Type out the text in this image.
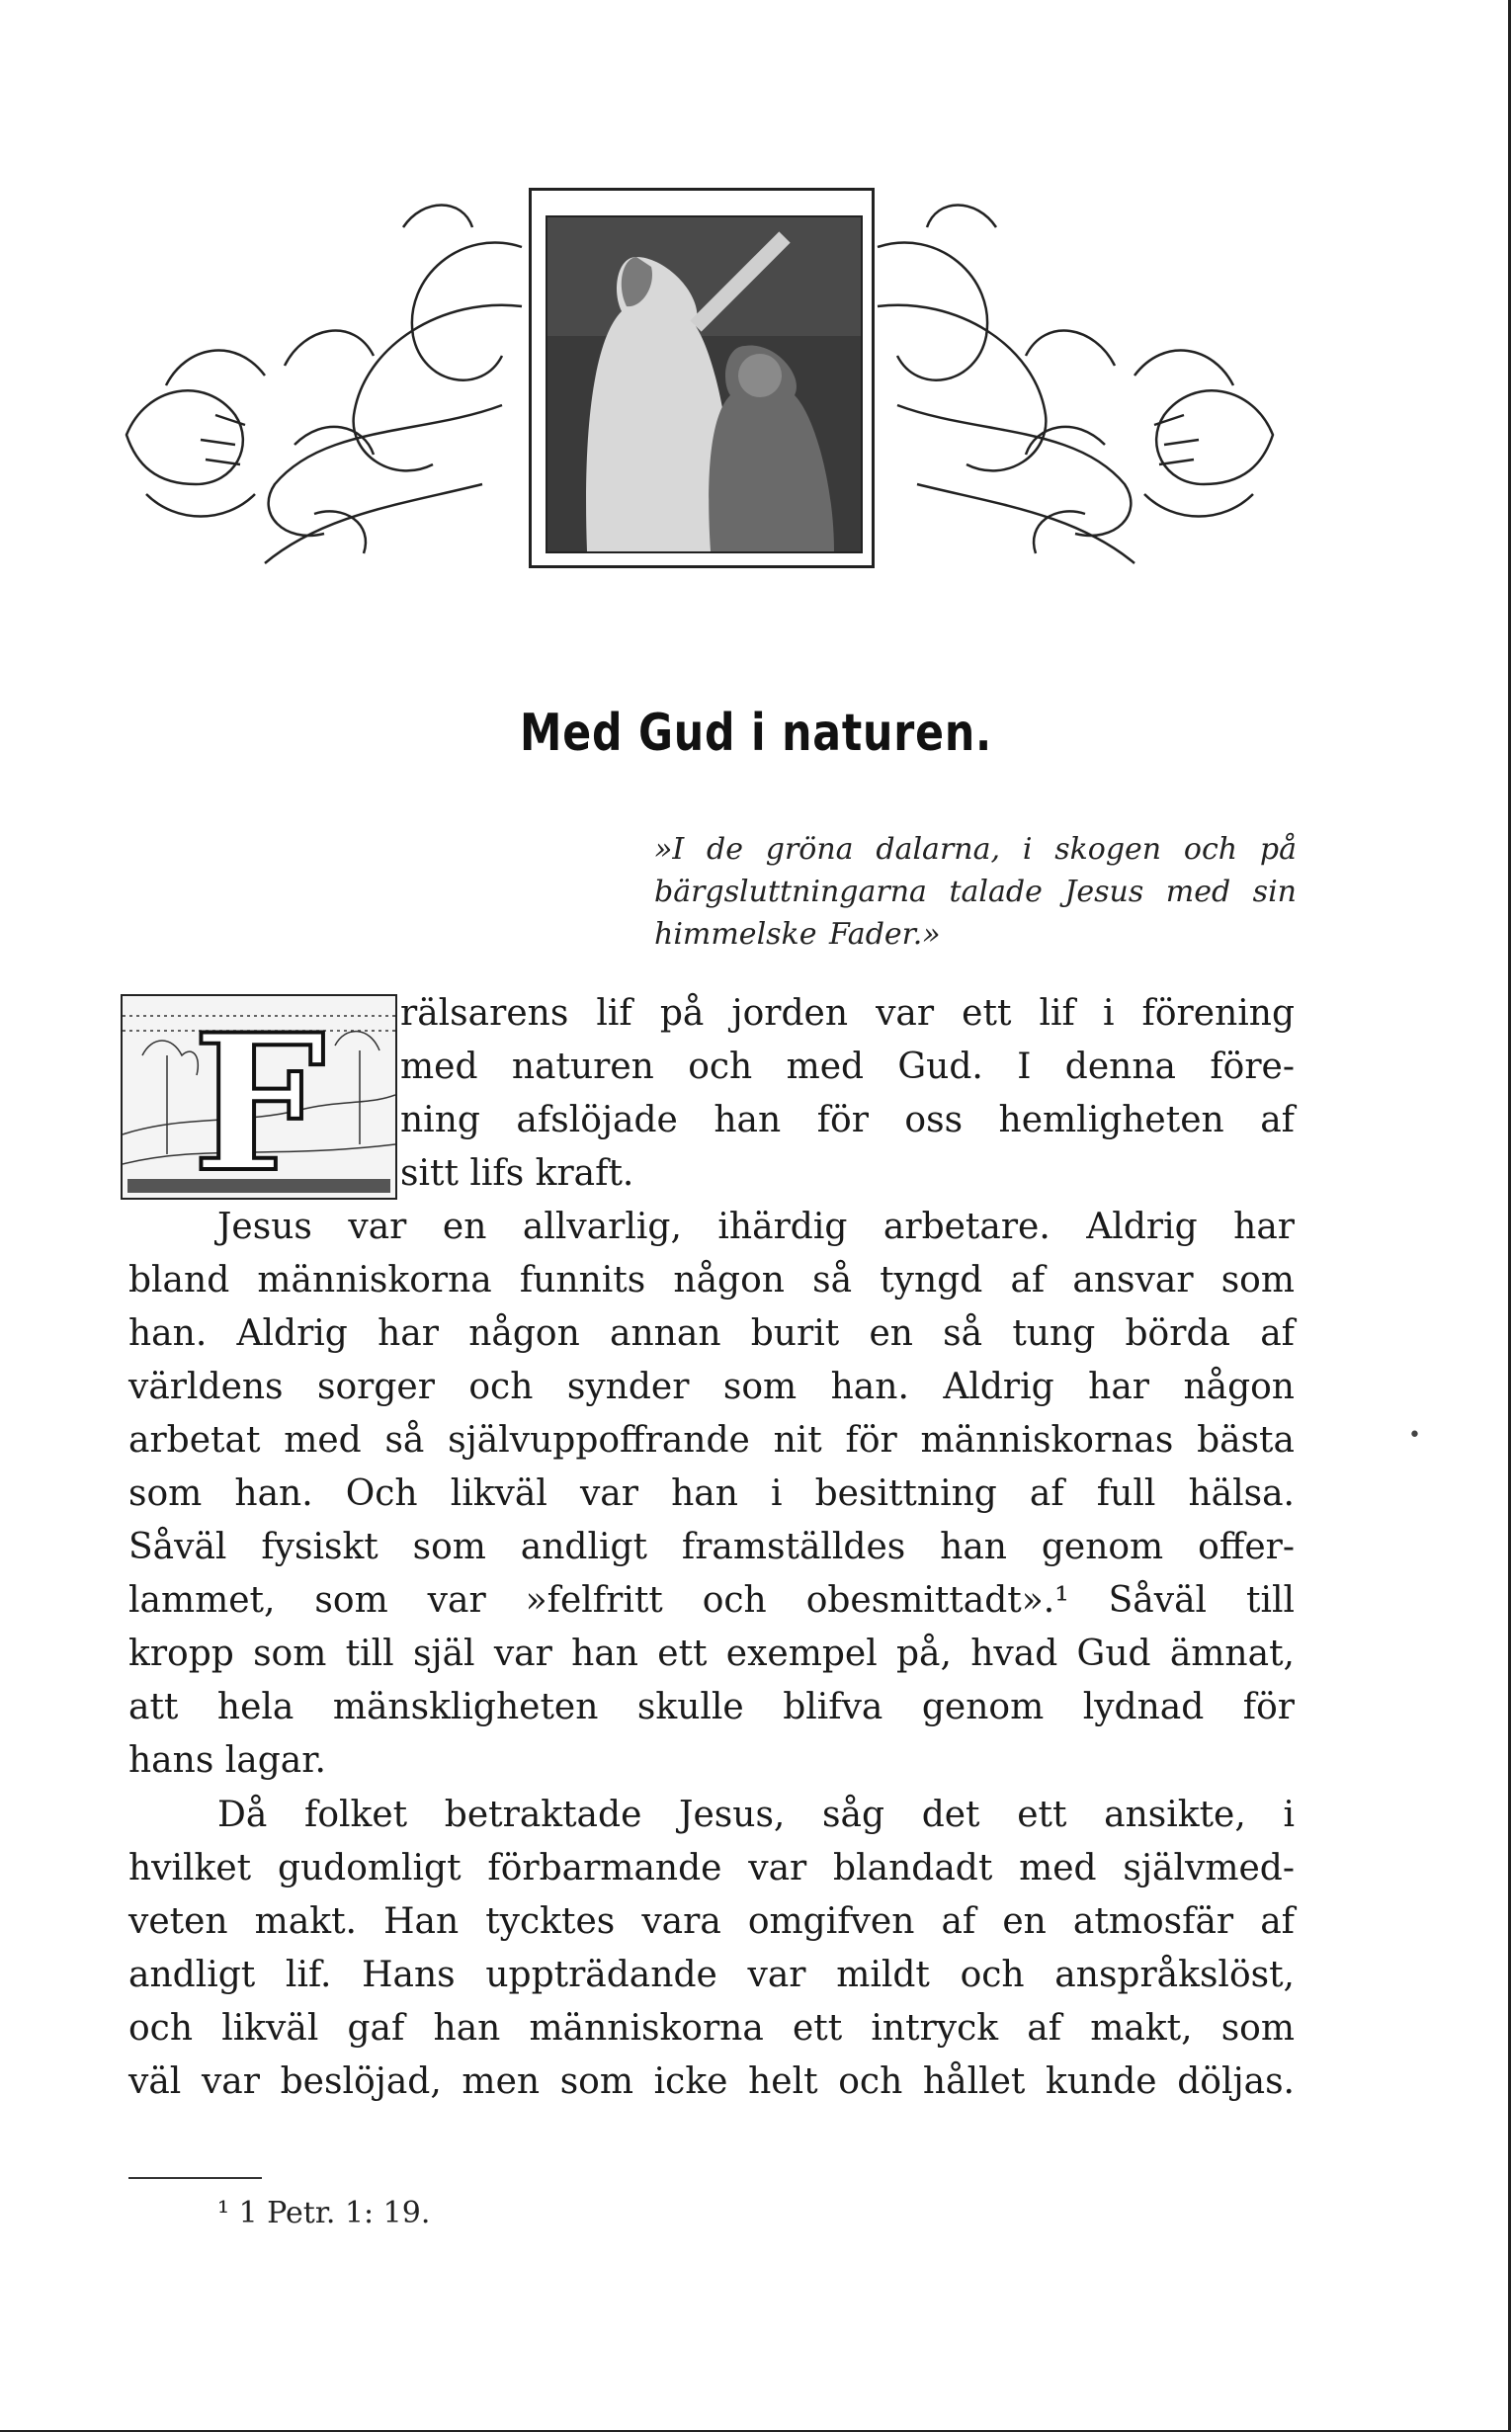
Med Gud i naturen.
»I de gröna dalarna, i skogen och på
bärgsluttningarna talade Jesus med sin
himmelske Fader.»
F rälsarens lif på jorden var ett lif i förening
med naturen och med Gud. I denna före-
ning afslöjade han för oss hemligheten af
sitt lifs kraft.
Jesus var en allvarlig, ihärdig arbetare. Aldrig har
bland människorna funnits någon så tyngd af ansvar som
han. Aldrig har någon annan burit en så tung börda af
världens sorger och synder som han. Aldrig har någon
arbetat med så självuppoffrande nit för människornas bästa
som han. Och likväl var han i besittning af full hälsa.
Såväl fysiskt som andligt framställdes han genom offer-
lammet, som var »felfritt och obesmittadt».¹ Såväl till
kropp som till själ var han ett exempel på, hvad Gud ämnat,
att hela mänskligheten skulle blifva genom lydnad för
hans lagar.
Då folket betraktade Jesus, såg det ett ansikte, i
hvilket gudomligt förbarmande var blandadt med självmed-
veten makt. Han tycktes vara omgifven af en atmosfär af
andligt lif. Hans uppträdande var mildt och anspråkslöst,
och likväl gaf han människorna ett intryck af makt, som
väl var beslöjad, men som icke helt och hållet kunde döljas.
¹ 1 Petr. 1: 19.
•
